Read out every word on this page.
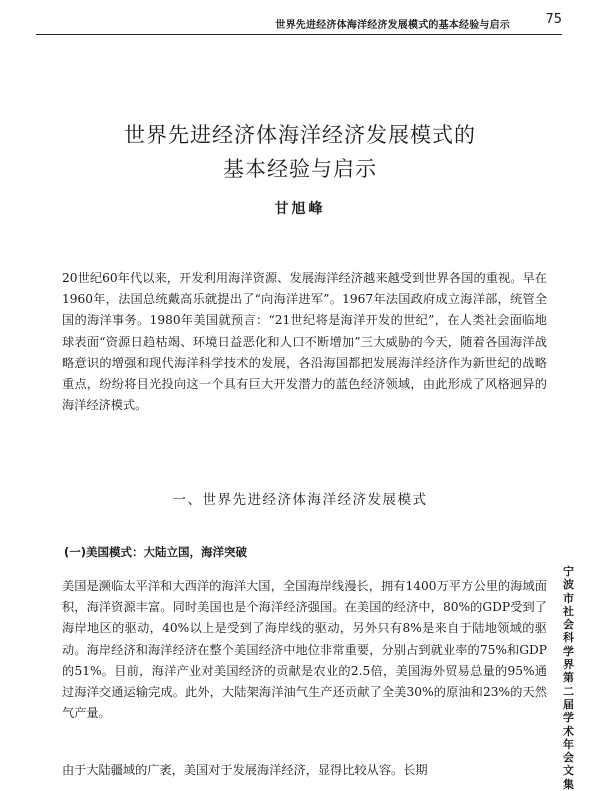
世界先进经济体海洋经济发展模式的基本经验与启示	75
世界先进经济体海洋经济发展模式的
基本经验与启示
甘旭峰

20世纪60年代以来，开发利用海洋资源、发展海洋经济越来越受到世界各国的重视。早在1960年，法国总统戴高乐就提出了“向海洋进军”。1967年法国政府成立海洋部，统管全国的海洋事务。1980年美国就预言：“21世纪将是海洋开发的世纪”，在人类社会面临地球表面“资源日趋枯竭、环境日益恶化和人口不断增加”三大威胁的今天，随着各国海洋战略意识的增强和现代海洋科学技术的发展，各沿海国都把发展海洋经济作为新世纪的战略重点，纷纷将目光投向这一个具有巨大开发潜力的蓝色经济领域，由此形成了风格迥异的海洋经济模式。

一、世界先进经济体海洋经济发展模式
(一)美国模式：大陆立国，海洋突破

美国是濒临太平洋和大西洋的海洋大国，全国海岸线漫长，拥有1400万平方公里的海域面积，海洋资源丰富。同时美国也是个海洋经济强国。在美国的经济中，80%的GDP受到了海岸地区的驱动，40%以上是受到了海岸线的驱动，另外只有8%是来自于陆地领域的驱动。海岸经济和海洋经济在整个美国经济中地位非常重要，分别占到就业率的75%和GDP的51%。目前，海洋产业对美国经济的贡献是农业的2.5倍，美国海外贸易总量的95%通过海洋交通运输完成。此外，大陆架海洋油气生产还贡献了全美30%的原油和23%的天然气产量。

由于大陆疆域的广袤，美国对于发展海洋经济，显得比较从容。长期

宁波市社会科学界第二届学术年会文集
